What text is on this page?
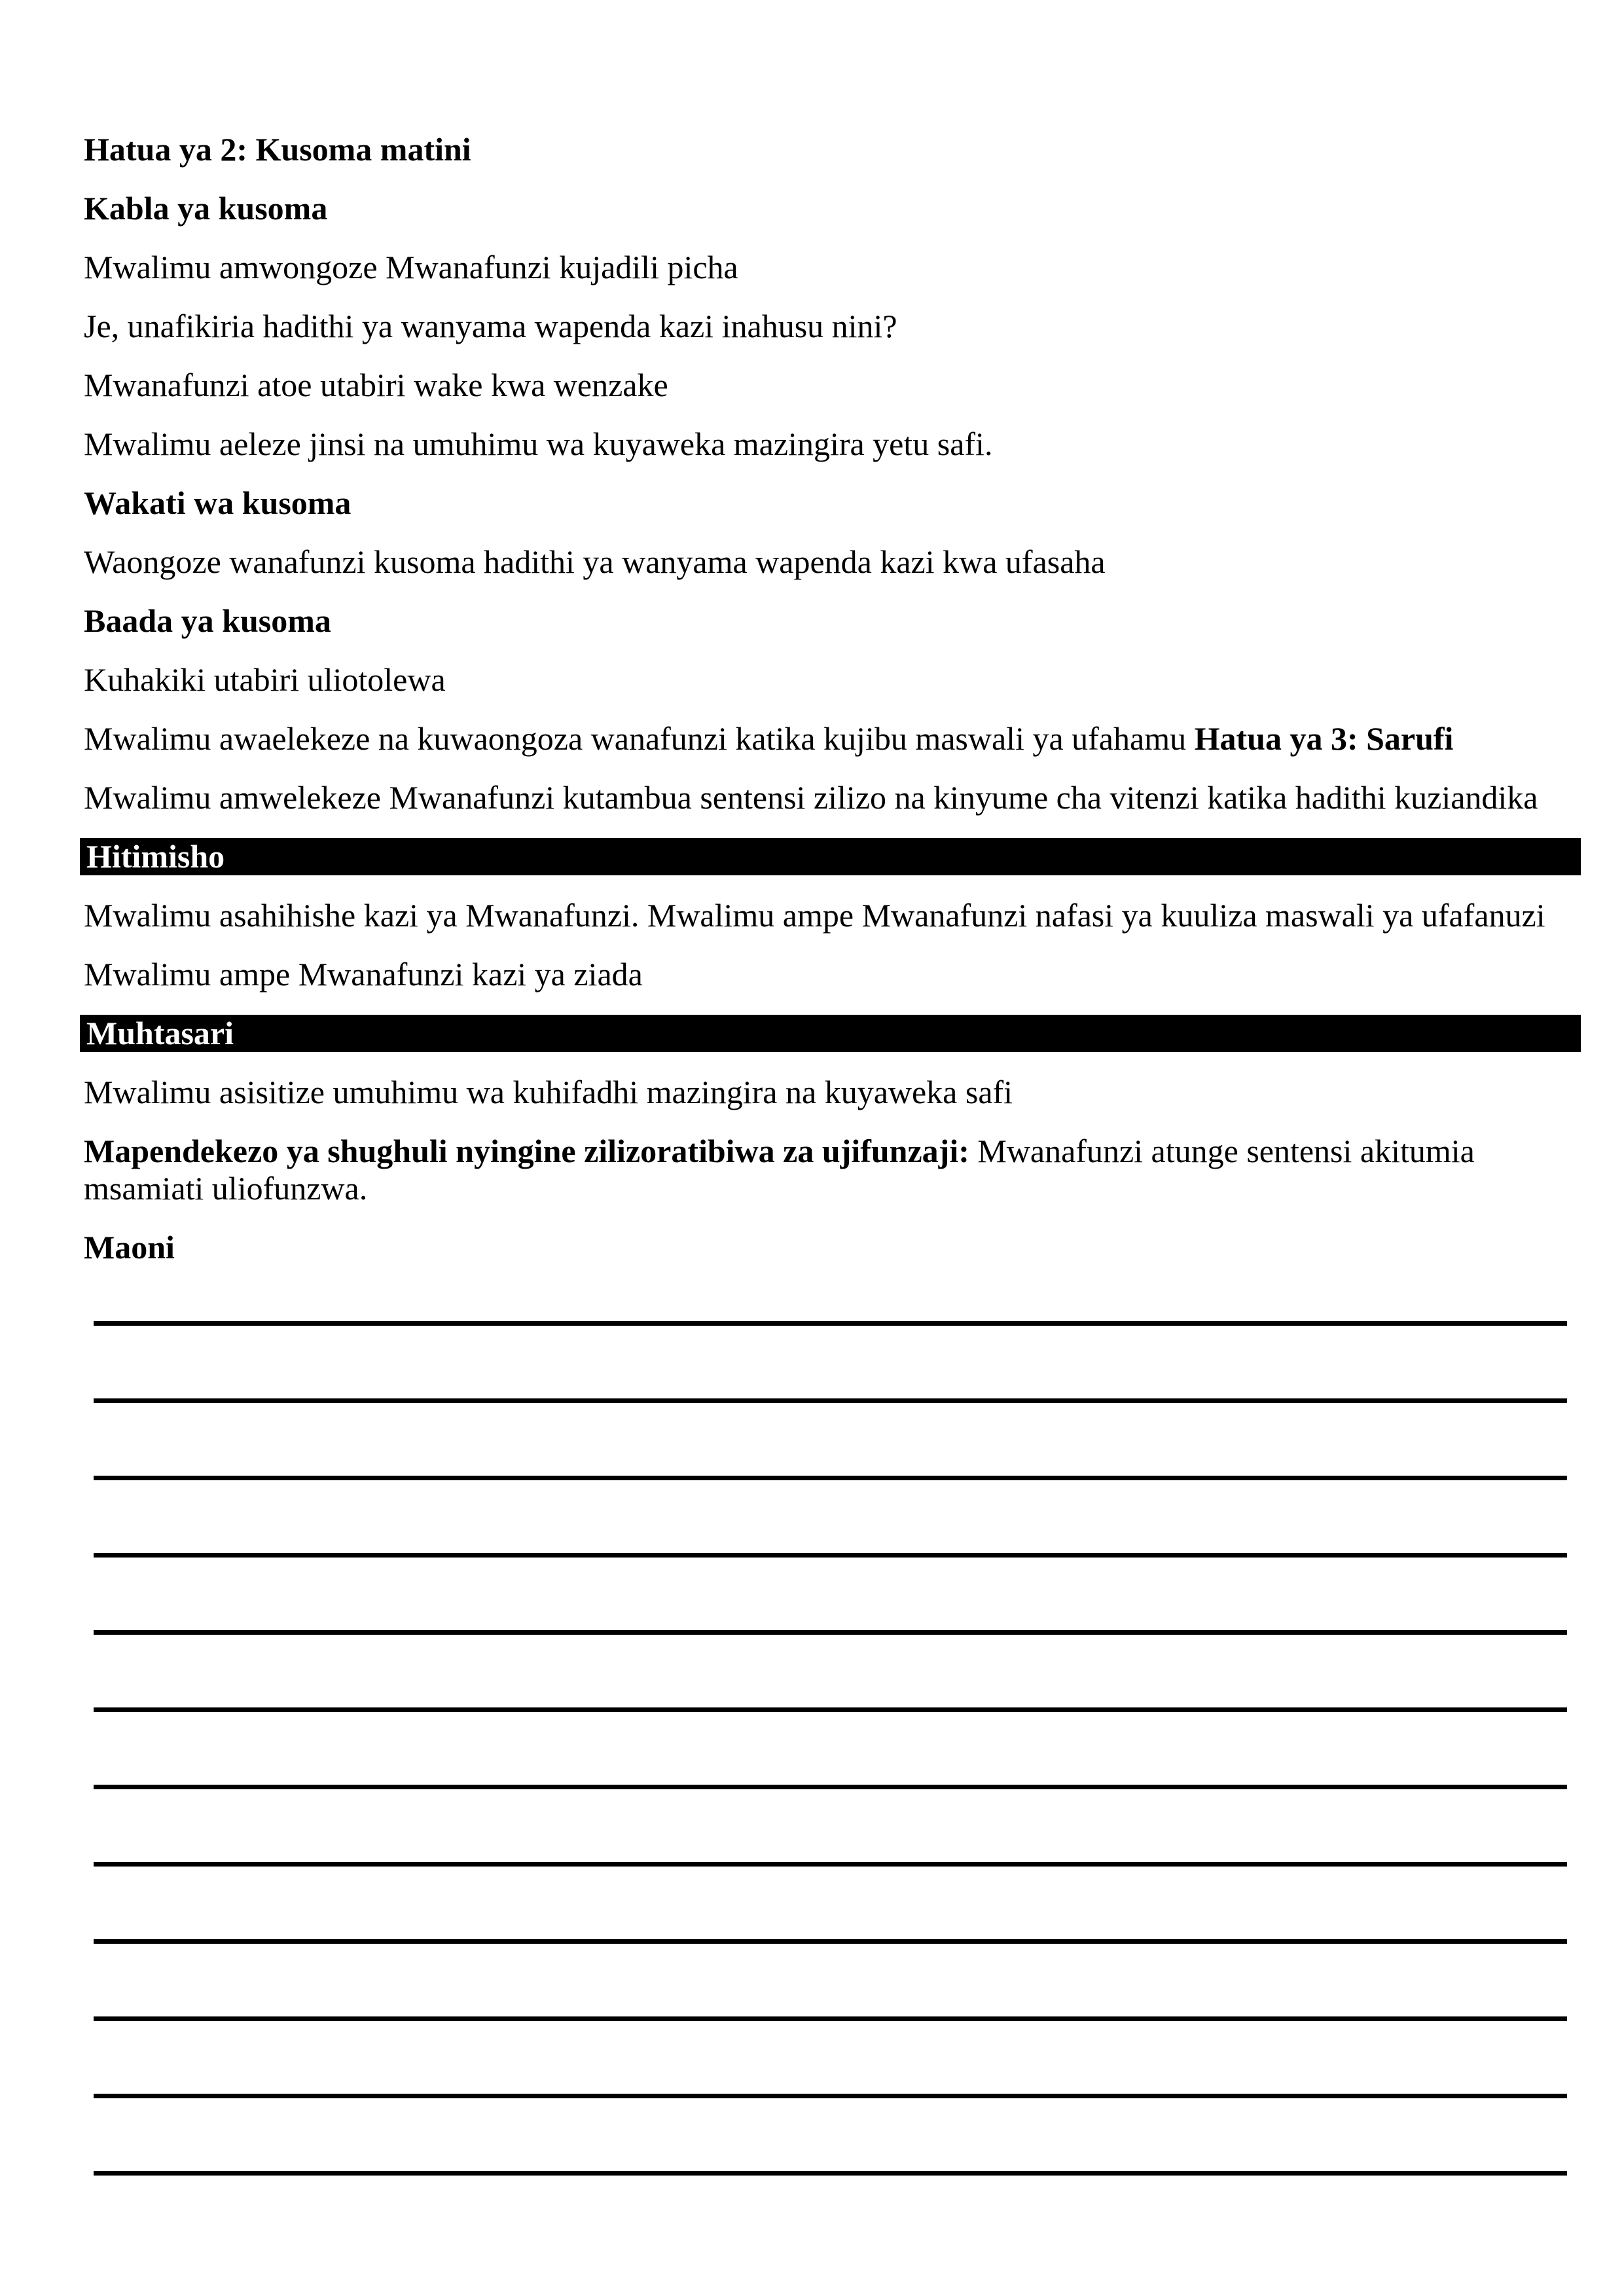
Hatua ya 2: Kusoma matini

Kabla ya kusoma

Mwalimu amwongoze Mwanafunzi kujadili picha

Je, unafikiria hadithi ya wanyama wapenda kazi inahusu nini?

Mwanafunzi atoe utabiri wake kwa wenzake

Mwalimu aeleze jinsi na umuhimu wa kuyaweka mazingira yetu safi.

Wakati wa kusoma

Waongoze wanafunzi kusoma hadithi ya wanyama wapenda kazi kwa ufasaha

Baada ya kusoma

Kuhakiki utabiri uliotolewa

Mwalimu awaelekeze na kuwaongoza wanafunzi katika kujibu maswali ya ufahamu Hatua ya 3: Sarufi

Mwalimu amwelekeze Mwanafunzi kutambua sentensi zilizo na kinyume cha vitenzi katika hadithi kuziandika

Hitimisho

Mwalimu asahihishe kazi ya Mwanafunzi. Mwalimu ampe Mwanafunzi nafasi ya kuuliza maswali ya ufafanuzi

Mwalimu ampe Mwanafunzi kazi ya ziada

Muhtasari

Mwalimu asisitize umuhimu wa kuhifadhi mazingira na kuyaweka safi

Mapendekezo ya shughuli nyingine zilizoratibiwa za ujifunzaji: Mwanafunzi atunge sentensi akitumia msamiati uliofunzwa.

Maoni
